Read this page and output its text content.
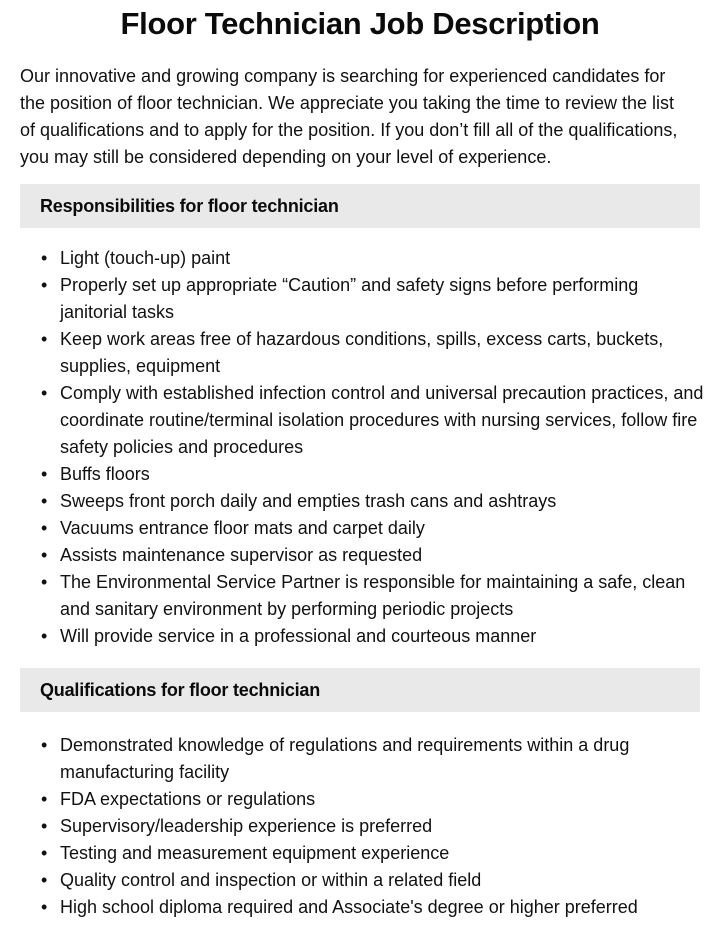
Floor Technician Job Description

Our innovative and growing company is searching for experienced candidates for the position of floor technician. We appreciate you taking the time to review the list of qualifications and to apply for the position. If you don’t fill all of the qualifications, you may still be considered depending on your level of experience.

Responsibilities for floor technician
• Light (touch-up) paint
• Properly set up appropriate “Caution” and safety signs before performing janitorial tasks
• Keep work areas free of hazardous conditions, spills, excess carts, buckets, supplies, equipment
• Comply with established infection control and universal precaution practices, and coordinate routine/terminal isolation procedures with nursing services, follow fire safety policies and procedures
• Buffs floors
• Sweeps front porch daily and empties trash cans and ashtrays
• Vacuums entrance floor mats and carpet daily
• Assists maintenance supervisor as requested
• The Environmental Service Partner is responsible for maintaining a safe, clean and sanitary environment by performing periodic projects
• Will provide service in a professional and courteous manner
Qualifications for floor technician
• Demonstrated knowledge of regulations and requirements within a drug manufacturing facility
• FDA expectations or regulations
• Supervisory/leadership experience is preferred
• Testing and measurement equipment experience
• Quality control and inspection or within a related field
• High school diploma required and Associate's degree or higher preferred
